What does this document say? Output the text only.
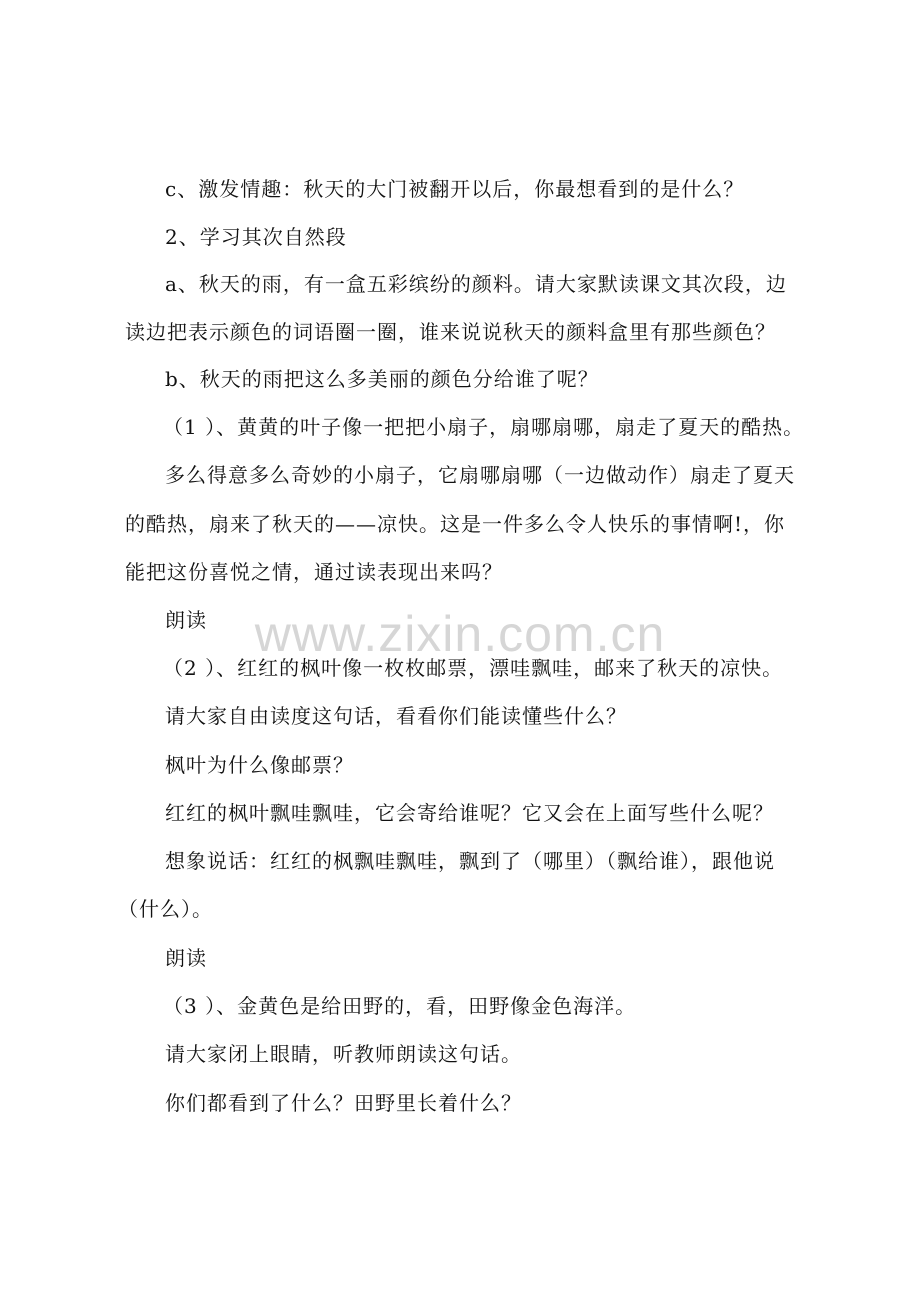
c、激发情趣：秋天的大门被翻开以后，你最想看到的是什么？
2、学习其次自然段
a、秋天的雨，有一盒五彩缤纷的颜料。请大家默读课文其次段，边
读边把表示颜色的词语圈一圈，谁来说说秋天的颜料盒里有那些颜色？
b、秋天的雨把这么多美丽的颜色分给谁了呢？
（1 ）、黄黄的叶子像一把把小扇子，扇哪扇哪，扇走了夏天的酷热。
多么得意多么奇妙的小扇子，它扇哪扇哪（一边做动作）扇走了夏天
的酷热，扇来了秋天的——凉快。这是一件多么令人快乐的事情啊!，你
能把这份喜悦之情，通过读表现出来吗？
朗读
（2 ）、红红的枫叶像一枚枚邮票，漂哇飘哇，邮来了秋天的凉快。
请大家自由读度这句话，看看你们能读懂些什么？
枫叶为什么像邮票？
红红的枫叶飘哇飘哇，它会寄给谁呢？它又会在上面写些什么呢？
想象说话：红红的枫飘哇飘哇，飘到了（哪里）（飘给谁），跟他说
（什么）。
朗读
（3 ）、金黄色是给田野的，看，田野像金色海洋。
请大家闭上眼睛，听教师朗读这句话。
你们都看到了什么？田野里长着什么？
www.zixin.com.cn
